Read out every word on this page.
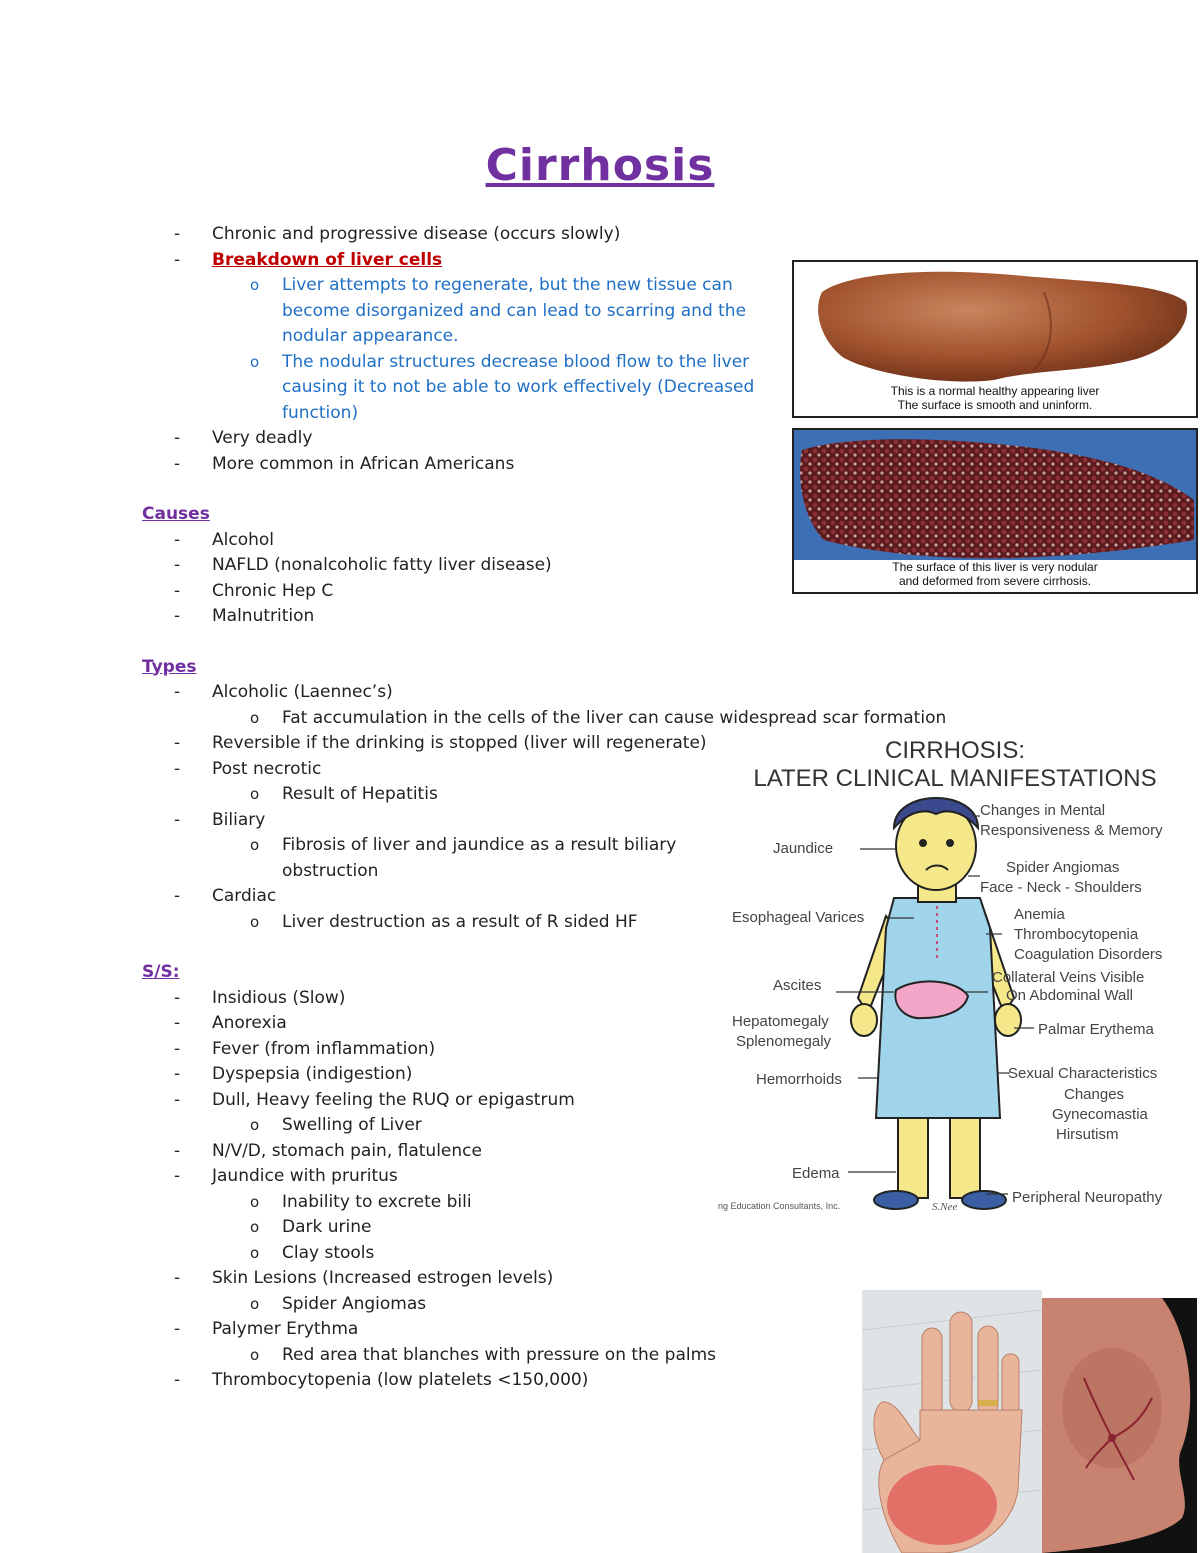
Cirrhosis
- Chronic and progressive disease (occurs slowly)
- Breakdown of liver cells
o Liver attempts to regenerate, but the new tissue can become disorganized and can lead to scarring and the nodular appearance.
o The nodular structures decrease blood flow to the liver causing it to not be able to work effectively (Decreased function)
- Very deadly
- More common in African Americans
Causes
- Alcohol
- NAFLD (nonalcoholic fatty liver disease)
- Chronic Hep C
- Malnutrition
Types
- Alcoholic (Laennec’s)
o Fat accumulation in the cells of the liver can cause widespread scar formation
- Reversible if the drinking is stopped (liver will regenerate)
- Post necrotic
o Result of Hepatitis
- Biliary
o Fibrosis of liver and jaundice as a result biliary obstruction
- Cardiac
o Liver destruction as a result of R sided HF
S/S:
- Insidious (Slow)
- Anorexia
- Fever (from inflammation)
- Dyspepsia (indigestion)
- Dull, Heavy feeling the RUQ or epigastrum
o Swelling of Liver
- N/V/D, stomach pain, flatulence
- Jaundice with pruritus
o Inability to excrete bili
o Dark urine
o Clay stools
- Skin Lesions (Increased estrogen levels)
o Spider Angiomas
- Palymer Erythma
o Red area that blanches with pressure on the palms
- Thrombocytopenia (low platelets <150,000)
This is a normal healthy appearing liver
The surface is smooth and uninform.
The surface of this liver is very nodular
and deformed from severe cirrhosis.
CIRRHOSIS:
LATER CLINICAL MANIFESTATIONS
Changes in Mental
Responsiveness & Memory
Jaundice
Spider Angiomas
Face - Neck - Shoulders
Esophageal Varices	Anemia
Thrombocytopenia
Coagulation Disorders
Ascites	Collateral Veins Visible
On Abdominal Wall
Hepatomegaly
Splenomegaly
Palmar Erythema
Hemorrhoids	Sexual Characteristics
Changes
Gynecomastia
Hirsutism
Edema
Peripheral Neuropathy
ng Education Consultants, Inc.	S.Nee
